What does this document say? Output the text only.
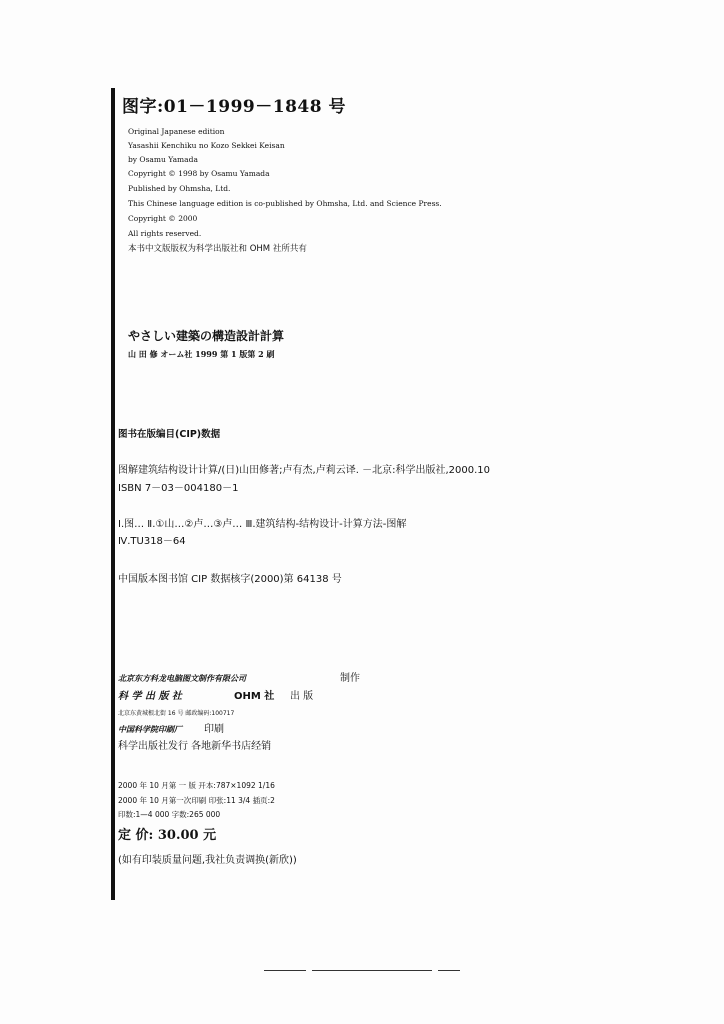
图字:01－1999－1848 号
Original Japanese edition
Yasashii Kenchiku no Kozo Sekkei Keisan
by Osamu Yamada
Copyright © 1998 by Osamu Yamada
Published by Ohmsha, Ltd.
This Chinese language edition is co-published by Ohmsha, Ltd. and Science Press.
Copyright © 2000
All rights reserved.
本书中文版版权为科学出版社和 OHM 社所共有
やさしい建築の構造設計計算
山 田 修 オーム社 1999 第 1 版第 2 刷
图书在版编目(CIP)数据
图解建筑结构设计计算/(日)山田修著;卢有杰,卢莉云译. －北京:科学出版社,2000.10
ISBN 7－03－004180－1
Ⅰ.图… Ⅱ.①山…②卢…③卢… Ⅲ.建筑结构-结构设计-计算方法-图解
Ⅳ.TU318－64
中国版本图书馆 CIP 数据核字(2000)第 64138 号
北京东方科龙电脑图文制作有限公司	制作
科 学 出 版 社	OHM 社 出 版
北京东黄城根北街 16 号 邮政编码:100717
中国科学院印刷厂 印刷
科学出版社发行 各地新华书店经销
2000 年 10 月第 一 版 开本:787×1092 1/16
2000 年 10 月第一次印刷 印张:11 3/4 插页:2
印数:1—4 000 字数:265 000
定 价: 30.00 元
(如有印装质量问题,我社负责调换(新欣))
